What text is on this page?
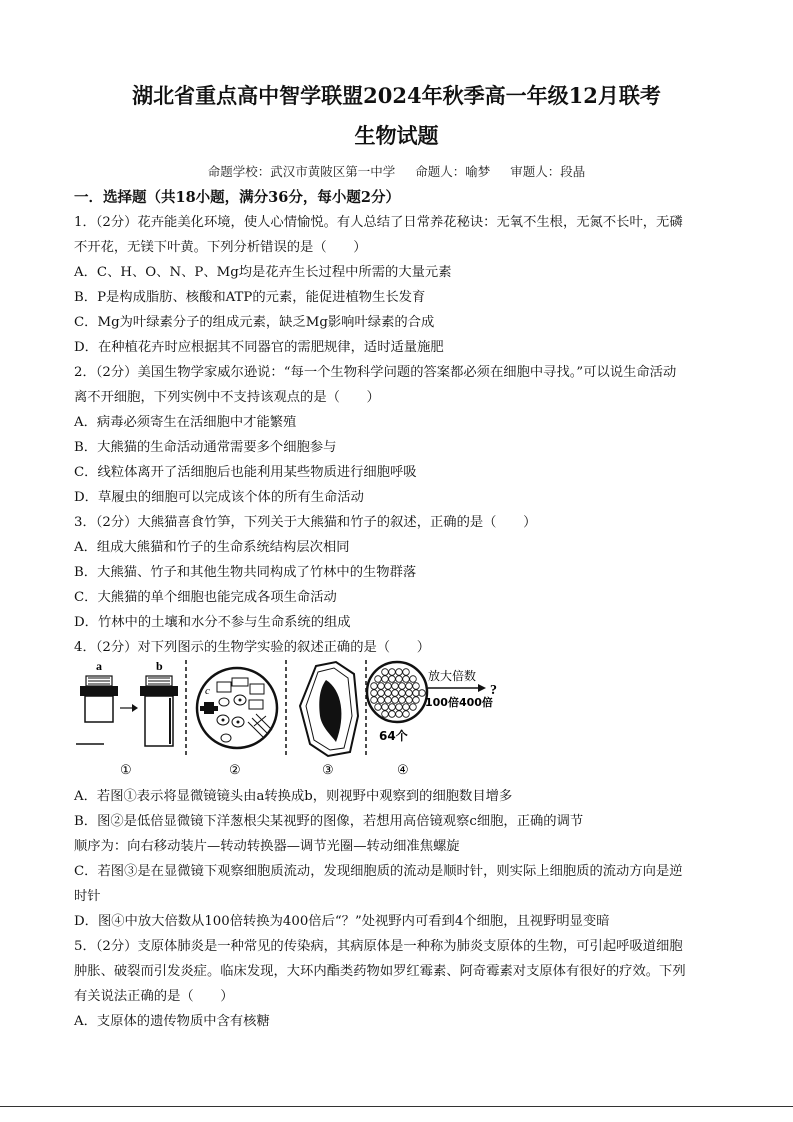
湖北省重点高中智学联盟2024年秋季高一年级12月联考
生物试题
命题学校：武汉市黄陂区第一中学 命题人：喻梦 审题人：段晶
一．选择题（共18小题，满分36分，每小题2分）
1．（2分）花卉能美化环境，使人心情愉悦。有人总结了日常养花秘诀：无氧不生根，无氮不长叶，无磷
不开花，无镁下叶黄。下列分析错误的是（　　）
A．C、H、O、N、P、Mg均是花卉生长过程中所需的大量元素
B．P是构成脂肪、核酸和ATP的元素，能促进植物生长发育
C．Mg为叶绿素分子的组成元素，缺乏Mg影响叶绿素的合成
D．在种植花卉时应根据其不同器官的需肥规律，适时适量施肥
2．（2分）美国生物学家威尔逊说：“每一个生物科学问题的答案都必须在细胞中寻找。”可以说生命活动
离不开细胞，下列实例中不支持该观点的是（　　）
A．病毒必须寄生在活细胞中才能繁殖
B．大熊猫的生命活动通常需要多个细胞参与
C．线粒体离开了活细胞后也能利用某些物质进行细胞呼吸
D．草履虫的细胞可以完成该个体的所有生命活动
3．（2分）大熊猫喜食竹笋，下列关于大熊猫和竹子的叙述，正确的是（　　）
A．组成大熊猫和竹子的生命系统结构层次相同
B．大熊猫、竹子和其他生物共同构成了竹林中的生物群落
C．大熊猫的单个细胞也能完成各项生命活动
D．竹林中的土壤和水分不参与生命系统的组成
4．（2分）对下列图示的生物学实验的叙述正确的是（　　）
a	b
①
c
②	③
64个
放大倍数
?
100倍400倍
④
A．若图①表示将显微镜镜头由a转换成b，则视野中观察到的细胞数目增多
B．图②是低倍显微镜下洋葱根尖某视野的图像，若想用高倍镜观察c细胞，正确的调节
顺序为：向右移动装片—转动转换器—调节光圈—转动细准焦螺旋
C．若图③是在显微镜下观察细胞质流动，发现细胞质的流动是顺时针，则实际上细胞质的流动方向是逆
时针
D．图④中放大倍数从100倍转换为400倍后“？”处视野内可看到4个细胞，且视野明显变暗
5．（2分）支原体肺炎是一种常见的传染病，其病原体是一种称为肺炎支原体的生物，可引起呼吸道细胞
肿胀、破裂而引发炎症。临床发现，大环内酯类药物如罗红霉素、阿奇霉素对支原体有很好的疗效。下列
有关说法正确的是（　　）
A．支原体的遗传物质中含有核糖
